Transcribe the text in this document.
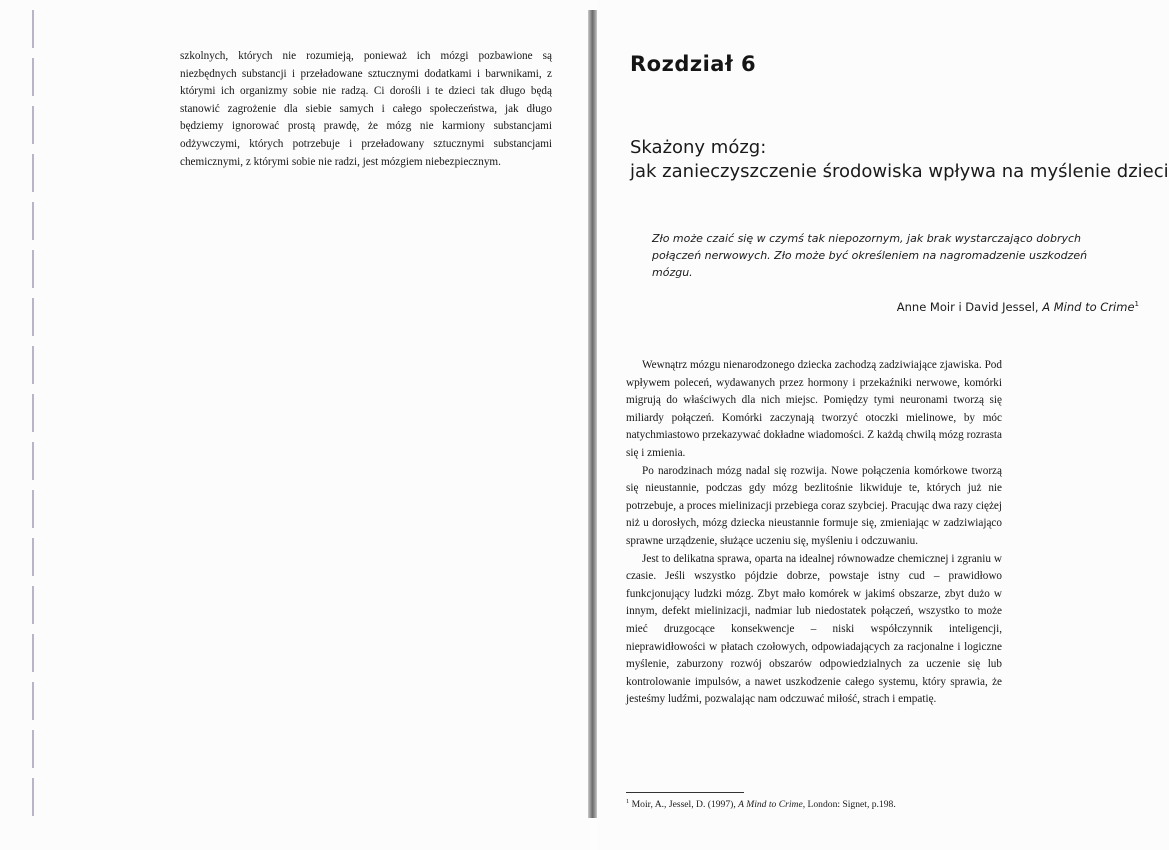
szkolnych, których nie rozumieją, ponieważ ich mózgi pozbawione są niezbędnych substancji i przeładowane sztucznymi dodatkami i barwnikami, z którymi ich organizmy sobie nie radzą. Ci dorośli i te dzieci tak długo będą stanowić zagrożenie dla siebie samych i całego społeczeństwa, jak długo będziemy ignorować prostą prawdę, że mózg nie karmiony substancjami odżywczymi, których potrzebuje i przeładowany sztucznymi substancjami chemicznymi, z którymi sobie nie radzi, jest mózgiem niebezpiecznym.

Rozdział 6
Skażony mózg:
jak zanieczyszczenie środowiska wpływa na myślenie dzieci

Zło może czaić się w czymś tak niepozornym, jak brak wystarczająco dobrych połączeń nerwowych. Zło może być określeniem na nagromadzenie uszkodzeń mózgu.

Anne Moir i David Jessel, A Mind to Crime$^1$

Wewnątrz mózgu nienarodzonego dziecka zachodzą zadziwiające zjawiska. Pod wpływem poleceń, wydawanych przez hormony i przekaźniki nerwowe, komórki migrują do właściwych dla nich miejsc. Pomiędzy tymi neuronami tworzą się miliardy połączeń. Komórki zaczynają tworzyć otoczki mielinowe, by móc natychmiastowo przekazywać dokładne wiadomości. Z każdą chwilą mózg rozrasta się i zmienia.

Po narodzinach mózg nadal się rozwija. Nowe połączenia komórkowe tworzą się nieustannie, podczas gdy mózg bezlitośnie likwiduje te, których już nie potrzebuje, a proces mielinizacji przebiega coraz szybciej. Pracując dwa razy ciężej niż u dorosłych, mózg dziecka nieustannie formuje się, zmieniając w zadziwiająco sprawne urządzenie, służące uczeniu się, myśleniu i odczuwaniu.

Jest to delikatna sprawa, oparta na idealnej równowadze chemicznej i zgraniu w czasie. Jeśli wszystko pójdzie dobrze, powstaje istny cud – prawidłowo funkcjonujący ludzki mózg. Zbyt mało komórek w jakimś obszarze, zbyt dużo w innym, defekt mielinizacji, nadmiar lub niedostatek połączeń, wszystko to może mieć druzgocące konsekwencje – niski współczynnik inteligencji, nieprawidłowości w płatach czołowych, odpowiadających za racjonalne i logiczne myślenie, zaburzony rozwój obszarów odpowiedzialnych za uczenie się lub kontrolowanie impulsów, a nawet uszkodzenie całego systemu, który sprawia, że jesteśmy ludźmi, pozwalając nam odczuwać miłość, strach i empatię.

$^1$ Moir, A., Jessel, D. (1997), A Mind to Crime, London: Signet, p.198.
